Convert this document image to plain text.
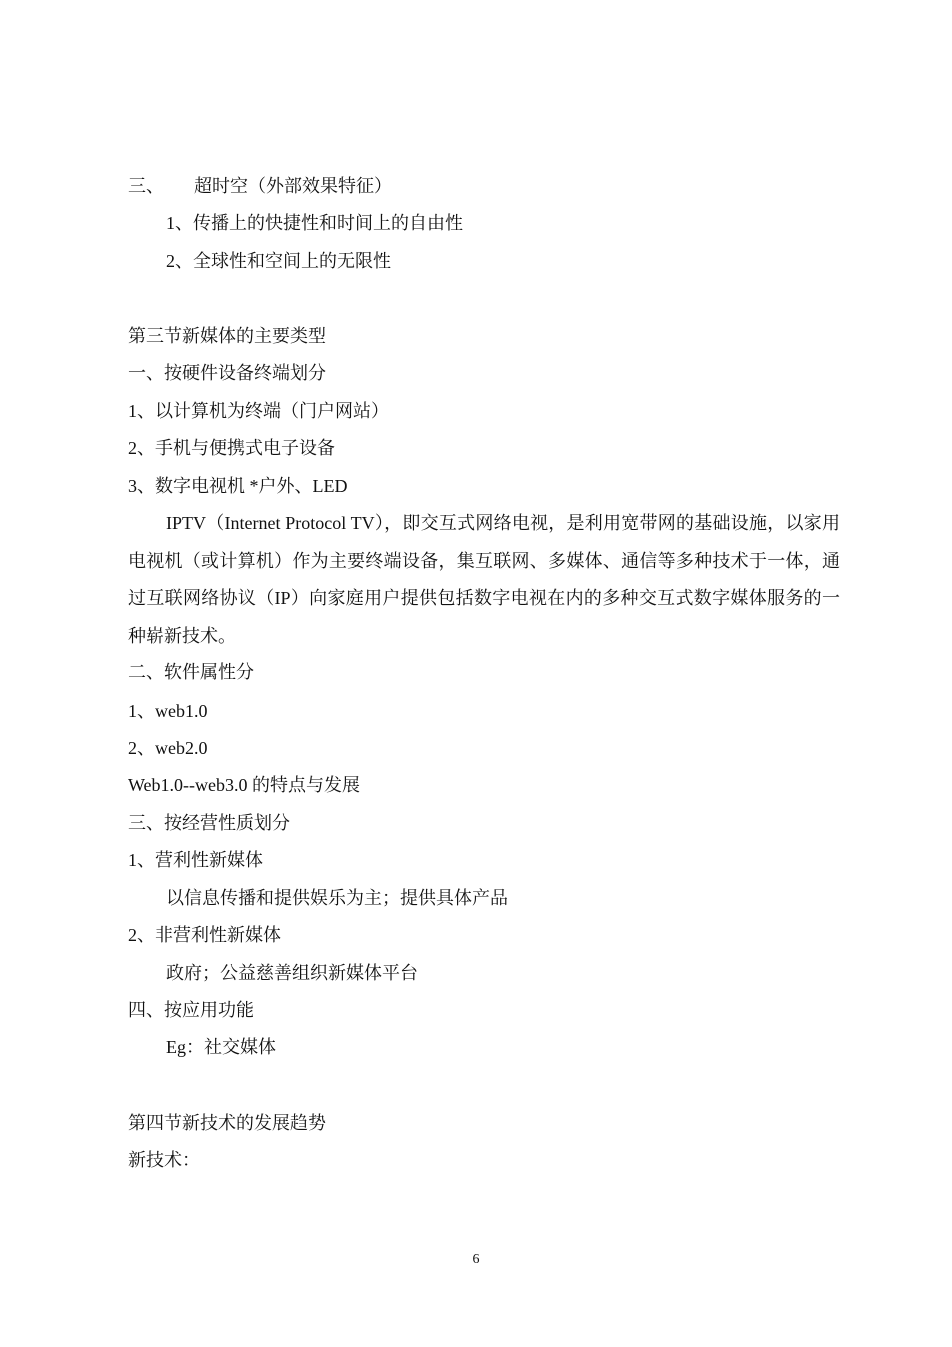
三、 超时空（外部效果特征）
1、传播上的快捷性和时间上的自由性
2、全球性和空间上的无限性
第三节新媒体的主要类型
一、按硬件设备终端划分
1、以计算机为终端（门户网站）
2、手机与便携式电子设备
3、数字电视机 *户外、LED
IPTV（Internet Protocol TV），即交互式网络电视，是利用宽带网的基础设施，以家用电视机（或计算机）作为主要终端设备，集互联网、多媒体、通信等多种技术于一体，通过互联网络协议（IP）向家庭用户提供包括数字电视在内的多种交互式数字媒体服务的一种崭新技术。
二、软件属性分
1、web1.0
2、web2.0
Web1.0--web3.0 的特点与发展
三、按经营性质划分
1、营利性新媒体
以信息传播和提供娱乐为主；提供具体产品
2、非营利性新媒体
政府；公益慈善组织新媒体平台
四、按应用功能
Eg：社交媒体
第四节新技术的发展趋势
新技术：
6
